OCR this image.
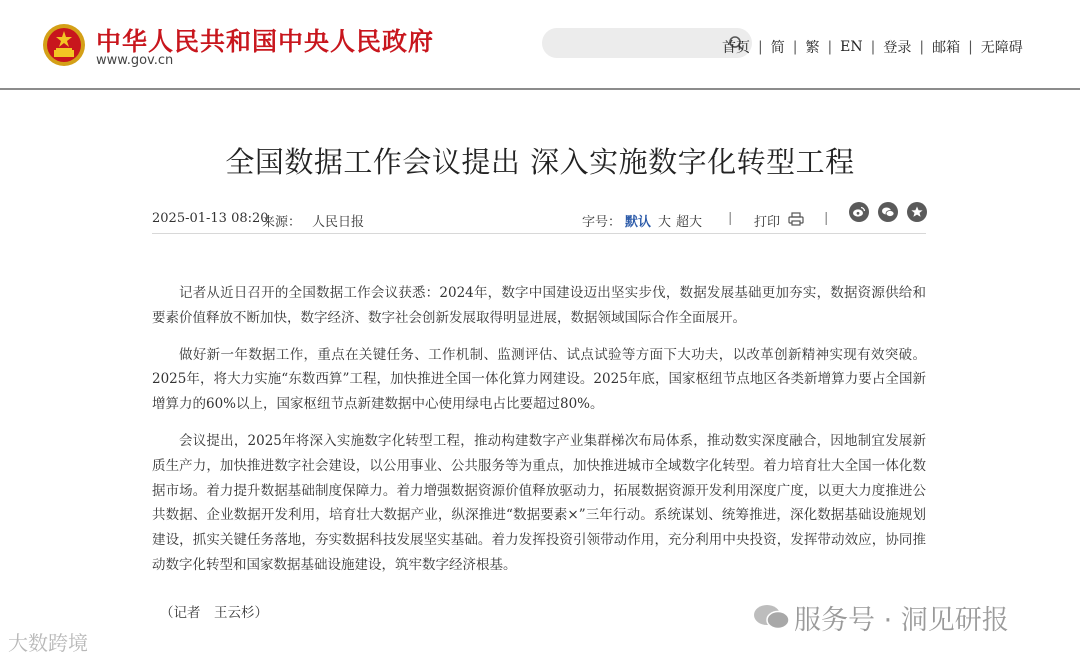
中华人民共和国中央人民政府
www.gov.cn
首页 | 简 | 繁 | EN | 登录 | 邮箱 | 无障碍
全国数据工作会议提出 深入实施数字化转型工程
2025-01-13 08:20
来源： 人民日报	字号： 默认 大 超大 | 打印	|

记者从近日召开的全国数据工作会议获悉：2024年，数字中国建设迈出坚实步伐，数据发展基础更加夯实，数据资源供给和要素价值释放不断加快，数字经济、数字社会创新发展取得明显进展，数据领域国际合作全面展开。

做好新一年数据工作，重点在关键任务、工作机制、监测评估、试点试验等方面下大功夫，以改革创新精神实现有效突破。2025年，将大力实施“东数西算”工程，加快推进全国一体化算力网建设。2025年底，国家枢纽节点地区各类新增算力要占全国新增算力的60%以上，国家枢纽节点新建数据中心使用绿电占比要超过80%。

会议提出，2025年将深入实施数字化转型工程，推动构建数字产业集群梯次布局体系，推动数实深度融合，因地制宜发展新质生产力，加快推进数字社会建设，以公用事业、公共服务等为重点，加快推进城市全域数字化转型。着力培育壮大全国一体化数据市场。着力提升数据基础制度保障力。着力增强数据资源价值释放驱动力，拓展数据资源开发利用深度广度，以更大力度推进公共数据、企业数据开发利用，培育壮大数据产业，纵深推进“数据要素×”三年行动。系统谋划、统筹推进，深化数据基础设施规划建设，抓实关键任务落地，夯实数据科技发展坚实基础。着力发挥投资引领带动作用，充分利用中央投资，发挥带动效应，协同推动数字化转型和国家数据基础设施建设，筑牢数字经济根基。

（记者　王云杉）
大数跨境
服务号 · 洞见研报
